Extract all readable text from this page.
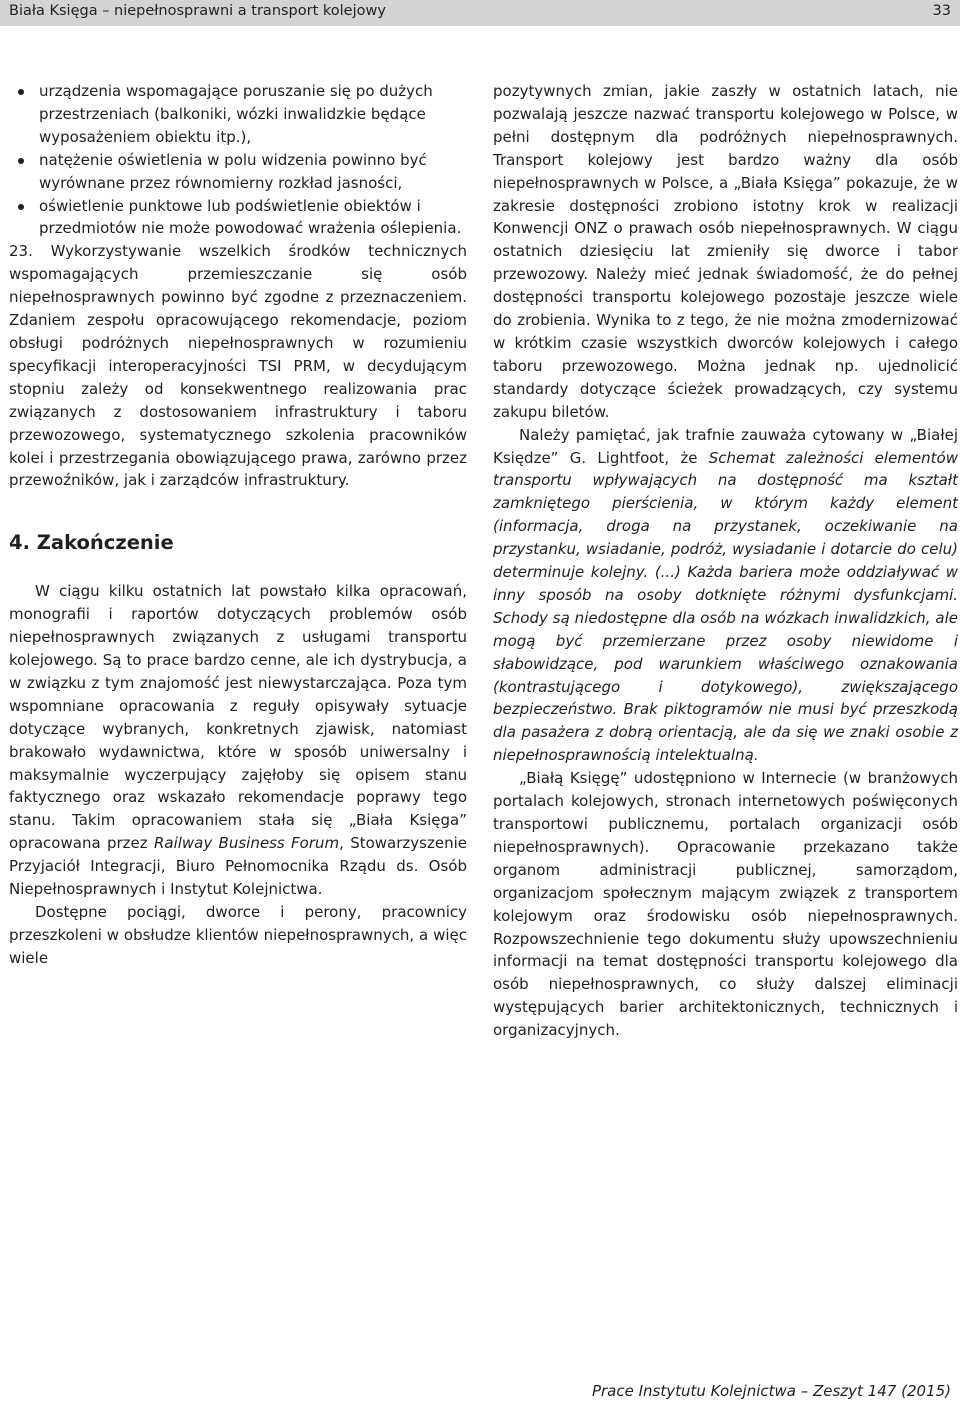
Biała Księga – niepełnosprawni a transport kolejowy	33
urządzenia wspomagające poruszanie się po dużych przestrzeniach (balkoniki, wózki inwalidzkie będące wyposażeniem obiektu itp.),
natężenie oświetlenia w polu widzenia powinno być wyrównane przez równomierny rozkład jasności,
oświetlenie punktowe lub podświetlenie obiektów i przedmiotów nie może powodować wrażenia oślepienia.

23. Wykorzystywanie wszelkich środków technicznych wspomagających przemieszczanie się osób niepełnosprawnych powinno być zgodne z przeznaczeniem. Zdaniem zespołu opracowującego rekomendacje, poziom obsługi podróżnych niepełnosprawnych w rozumieniu specyfikacji interoperacyjności TSI PRM, w decydującym stopniu zależy od konsekwentnego realizowania prac związanych z dostosowaniem infrastruktury i taboru przewozowego, systematycznego szkolenia pracowników kolei i przestrzegania obowiązującego prawa, zarówno przez przewoźników, jak i zarządców infrastruktury.

4. Zakończenie

W ciągu kilku ostatnich lat powstało kilka opracowań, monografii i raportów dotyczących problemów osób niepełnosprawnych związanych z usługami transportu kolejowego. Są to prace bardzo cenne, ale ich dystrybucja, a w związku z tym znajomość jest niewystarczająca. Poza tym wspomniane opracowania z reguły opisywały sytuacje dotyczące wybranych, konkretnych zjawisk, natomiast brakowało wydawnictwa, które w sposób uniwersalny i maksymalnie wyczerpujący zajęłoby się opisem stanu faktycznego oraz wskazało rekomendacje poprawy tego stanu. Takim opracowaniem stała się „Biała Księga” opracowana przez Railway Business Forum, Stowarzyszenie Przyjaciół Integracji, Biuro Pełnomocnika Rządu ds. Osób Niepełnosprawnych i Instytut Kolejnictwa.

Dostępne pociągi, dworce i perony, pracownicy przeszkoleni w obsłudze klientów niepełnosprawnych, a więc wiele

pozytywnych zmian, jakie zaszły w ostatnich latach, nie pozwalają jeszcze nazwać transportu kolejowego w Polsce, w pełni dostępnym dla podróżnych niepełnosprawnych. Transport kolejowy jest bardzo ważny dla osób niepełnosprawnych w Polsce, a „Biała Księga” pokazuje, że w zakresie dostępności zrobiono istotny krok w realizacji Konwencji ONZ o prawach osób niepełnosprawnych. W ciągu ostatnich dziesięciu lat zmieniły się dworce i tabor przewozowy. Należy mieć jednak świadomość, że do pełnej dostępności transportu kolejowego pozostaje jeszcze wiele do zrobienia. Wynika to z tego, że nie można zmodernizować w krótkim czasie wszystkich dworców kolejowych i całego taboru przewozowego. Można jednak np. ujednolicić standardy dotyczące ścieżek prowadzących, czy systemu zakupu biletów.

Należy pamiętać, jak trafnie zauważa cytowany w „Białej Księdze” G. Lightfoot, że Schemat zależności elementów transportu wpływających na dostępność ma kształt zamkniętego pierścienia, w którym każdy element (informacja, droga na przystanek, oczekiwanie na przystanku, wsiadanie, podróż, wysiadanie i dotarcie do celu) determinuje kolejny. (...) Każda bariera może oddziaływać w inny sposób na osoby dotknięte różnymi dysfunkcjami. Schody są niedostępne dla osób na wózkach inwalidzkich, ale mogą być przemierzane przez osoby niewidome i słabowidzące, pod warunkiem właściwego oznakowania (kontrastującego i dotykowego), zwiększającego bezpieczeństwo. Brak piktogramów nie musi być przeszkodą dla pasażera z dobrą orientacją, ale da się we znaki osobie z niepełnosprawnością intelektualną.

„Białą Księgę” udostępniono w Internecie (w branżowych portalach kolejowych, stronach internetowych poświęconych transportowi publicznemu, portalach organizacji osób niepełnosprawnych). Opracowanie przekazano także organom administracji publicznej, samorządom, organizacjom społecznym mającym związek z transportem kolejowym oraz środowisku osób niepełnosprawnych. Rozpowszechnienie tego dokumentu służy upowszechnieniu informacji na temat dostępności transportu kolejowego dla osób niepełnosprawnych, co służy dalszej eliminacji występujących barier architektonicznych, technicznych i organizacyjnych.

Prace Instytutu Kolejnictwa – Zeszyt 147 (2015)
